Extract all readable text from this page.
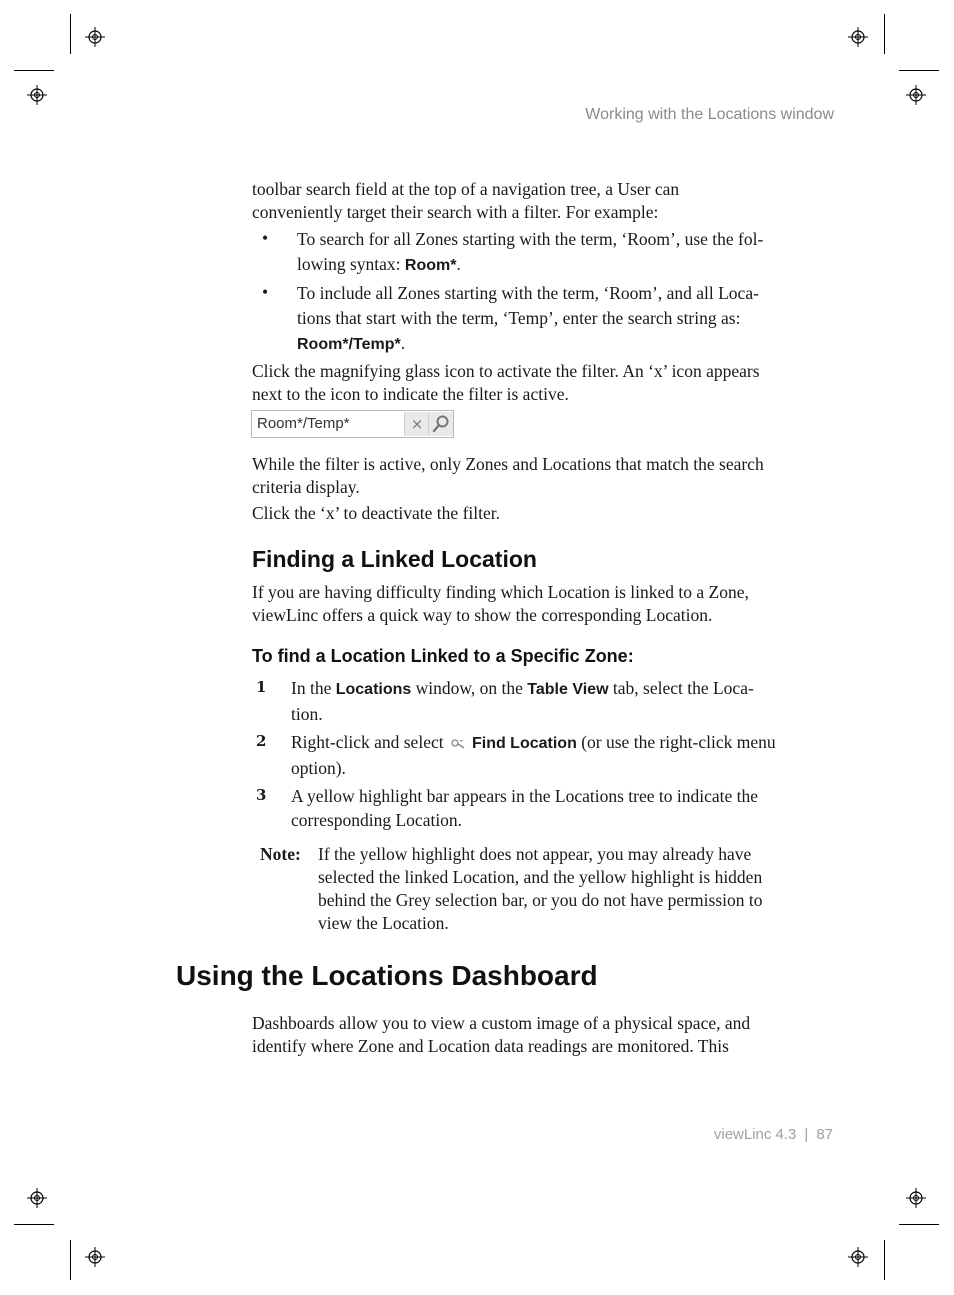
Working with the Locations window
toolbar search field at the top of a navigation tree, a User can
conveniently target their search with a filter. For example:
• To search for all Zones starting with the term, ‘Room’, use the fol-
lowing syntax: Room*.
• To include all Zones starting with the term, ‘Room’, and all Loca-
tions that start with the term, ‘Temp’, enter the search string as:
Room*/Temp*.
Click the magnifying glass icon to activate the filter. An ‘x’ icon appears
next to the icon to indicate the filter is active.
Room*/Temp*	×
While the filter is active, only Zones and Locations that match the search
criteria display.
Click the ‘x’ to deactivate the filter.
Finding a Linked Location
If you are having difficulty finding which Location is linked to a Zone,
viewLinc offers a quick way to show the corresponding Location.
To find a Location Linked to a Specific Zone:
1 In the Locations window, on the Table View tab, select the Loca-
tion.
2 Right-click and select Find Location (or use the right-click menu
option).
3 A yellow highlight bar appears in the Locations tree to indicate the
corresponding Location.
Note: If the yellow highlight does not appear, you may already have
selected the linked Location, and the yellow highlight is hidden
behind the Grey selection bar, or you do not have permission to
view the Location.
Using the Locations Dashboard
Dashboards allow you to view a custom image of a physical space, and
identify where Zone and Location data readings are monitored. This
viewLinc 4.3 | 87
